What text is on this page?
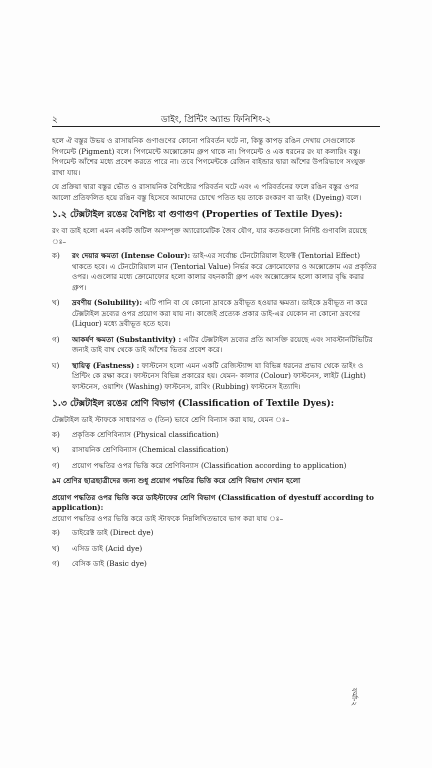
২	ডাইং, প্রিন্টিং অ্যান্ড ফিনিশিং-২

হলে ঐ বস্তুর উভয় ও রাসায়নিক গুণাগুণের কোনো পরিবর্তন ঘটে না, কিন্তু কাপড় রঙিন দেখায় সেগুলোকে পিগমেন্ট (Pigment) বলে। পিগমেন্টে অক্সোক্রোম গ্রুপ থাকে না। পিগমেন্ট ও এক ধরনের রং যা কলারিং বস্তু। পিগমেন্ট আঁশের মধ্যে প্রবেশ করতে পারে না। তবে পিগমেন্টকে রেজিন বাইন্ডার দ্বারা আঁশের উপরিভাগে সংযুক্ত রাখা যায়।

যে প্রক্রিয়া দ্বারা বস্তুর ভৌত ও রাসায়নিক বৈশিষ্ট্যের পরিবর্তন ঘটে এবং এ পরিবর্তনের ফলে রঙিন বস্তুর ওপর আলো প্রতিফলিত হয়ে রঙিন বস্তু হিসেবে আমাদের চোখে পতিত হয় তাকে রংকরণ বা ডাইং (Dyeing) বলে।

১.২ টেক্সটাইল রঙের বৈশিষ্ট্য বা গুণাগুণ (Properties of Textile Dyes):

রং বা ডাই হলো এমন একটি জটিল অসম্পৃক্ত অ্যারোমেটিক জৈব যৌগ, যার কতকগুলো নির্দিষ্ট গুণাবলি রয়েছে ঃ–

ক)	রং দেয়ার ক্ষমতা (Intense Colour): ডাই-এর সর্বোচ্চ টেনটোরিয়াল ইফেক্ট (Tentorial Effect) থাকতে হবে। এ টেনটোরিয়াল মান (Tentorial Value) নির্ভর করে ক্রোমোফোর ও অক্সোক্রোম এর প্রকৃতির ওপর। এগুলোর মধ্যে ক্রোমোফোর হলো কালার বহনকারী গ্রুপ এবং অক্সোক্রোম হলো কালার বৃদ্ধি করার গ্রুপ।
খ)	দ্রবণীয় (Solubility): এটি পানি বা যে কোনো দ্রাবকে দ্রবীভূত হওয়ার ক্ষমতা। ডাইকে দ্রবীভূত না করে টেক্সটাইল দ্রব্যের ওপর প্রয়োগ করা যায় না। কাজেই প্রত্যেক প্রকার ডাই-এর যেকোন না কোনো দ্রবণের (Liquor) মধ্যে দ্রবীভূত হতে হবে।
গ)	আকর্ষণ ক্ষমতা (Substantivity) : এটির টেক্সটাইল দ্রব্যের প্রতি আসক্তি রয়েছে এবং সাবস্টানটিভিটির জন্যই ডাই বাথ থেকে ডাই আঁশের ভিতর প্রবেশ করে।
ঘ)	স্থায়িত্ব (Fastness) : ফাস্টনেস হলো এমন একটি রেজিস্ট্যান্স যা বিভিন্ন ধরনের প্রভাব থেকে ডাইং ও প্রিন্টিং কে রক্ষা করে। ফাস্টনেস বিভিন্ন প্রকারের হয়। যেমন- কালার (Colour) ফাস্টনেস, লাইট (Light) ফাস্টনেস, ওয়াশিং (Washing) ফাস্টনেস, রাবিং (Rubbing) ফাস্টনেস ইত্যাদি।
১.৩ টেক্সটাইল রঙের শ্রেণি বিভাগ (Classification of Textile Dyes):

টেক্সটাইল ডাই স্টাফকে সাধারণত ৩ (তিন) ভাবে শ্রেণি বিন্যাস করা যায়, যেমন ঃ–

ক)	প্রকৃতিক শ্রেণিবিন্যাস (Physical classification)
খ)	রাসায়নিক শ্রেণিবিন্যাস (Chemical classification)
গ)	প্রয়োগ পদ্ধতির ওপর ভিত্তি করে শ্রেণিবিন্যাস (Classification according to application)

৯ম শ্রেণির ছাত্রছাত্রীদের জন্য শুধু প্রয়োগ পদ্ধতির ভিত্তি করে শ্রেণি বিভাগ দেখান হলো

প্রয়োগ পদ্ধতির ওপর ভিত্তি করে ডাইস্টাফের শ্রেণি বিভাগ (Classification of dyestuff according to application):

প্রয়োগ পদ্ধতির ওপর ভিত্তি করে ডাই স্টাফকে নিম্নলিখিতভাবে ভাগ করা যায় ঃ–

ক)	ডাইরেক্ট ডাই (Direct dye)
খ)	এসিড ডাই (Acid dye)
গ)	বেসিক ডাই (Basic dye)
ফর্মা-২
